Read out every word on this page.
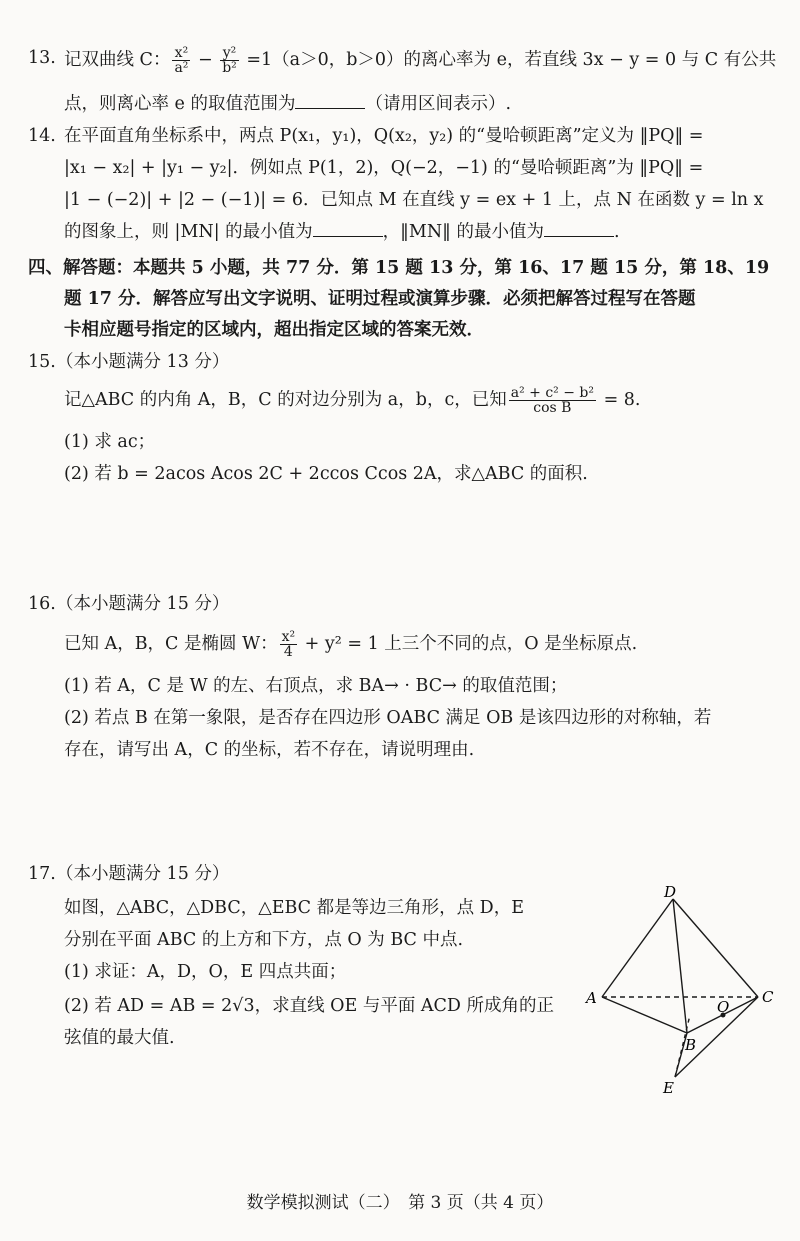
13. 记双曲线 C： $\frac{\text{x²}}{\text{a²}} - \frac{\text{y²}}{\text{b²}} =1(a>0$，b＞0）的离心率为 e，若直线 3x − y = 0 与 C 有公共
点，则离心率 e 的取值范围为	（请用区间表示）.
14. 在平面直角坐标系中，两点 P(x₁，y₁)，Q(x₂，y₂) 的“曼哈顿距离”定义为 ‖PQ‖ =
|x₁ − x₂| + |y₁ − y₂|．例如点 P(1，2)，Q(−2，−1) 的“曼哈顿距离”为 ‖PQ‖ =
|1 − (−2)| + |2 − (−1)| = 6．已知点 M 在直线 y = ex + 1 上，点 N 在函数 y = ln x
的图象上，则 |MN| 的最小值为	，‖MN‖ 的最小值为	.
四、解答题：本题共 5 小题，共 77 分．第 15 题 13 分，第 16、17 题 15 分，第 18、19
题 17 分．解答应写出文字说明、证明过程或演算步骤．必须把解答过程写在答题
卡相应题号指定的区域内，超出指定区域的答案无效．
15. （本小题满分 13 分）
记△ABC 的内角 A，B，C 的对边分别为 a，b，c，已知 $\frac{\text{a² + c² − b²}}{\text{cos B}} = 8$.
(1) 求 ac；
(2) 若 b = 2acos Acos 2C + 2ccos Ccos 2A，求△ABC 的面积.
16. （本小题满分 15 分）
已知 A，B，C 是椭圆 W： $\frac{\text{x²}}{4} + y^2 = 1$ 上三个不同的点，O 是坐标原点.
(1) 若 A，C 是 W 的左、右顶点，求 BA→ · BC→ 的取值范围；
(2) 若点 B 在第一象限，是否存在四边形 OABC 满足 OB 是该四边形的对称轴，若
存在，请写出 A，C 的坐标，若不存在，请说明理由.
17. （本小题满分 15 分）
如图，△ABC，△DBC，△EBC 都是等边三角形，点 D，E
分别在平面 ABC 的上方和下方，点 O 为 BC 中点.
(1) 求证：A，D，O，E 四点共面；
(2) 若 AD = AB = 2√3，求直线 OE 与平面 ACD 所成角的正
弦值的最大值.
D
A	C
O
B
E
数学模拟测试（二）　第 3 页（共 4 页）
